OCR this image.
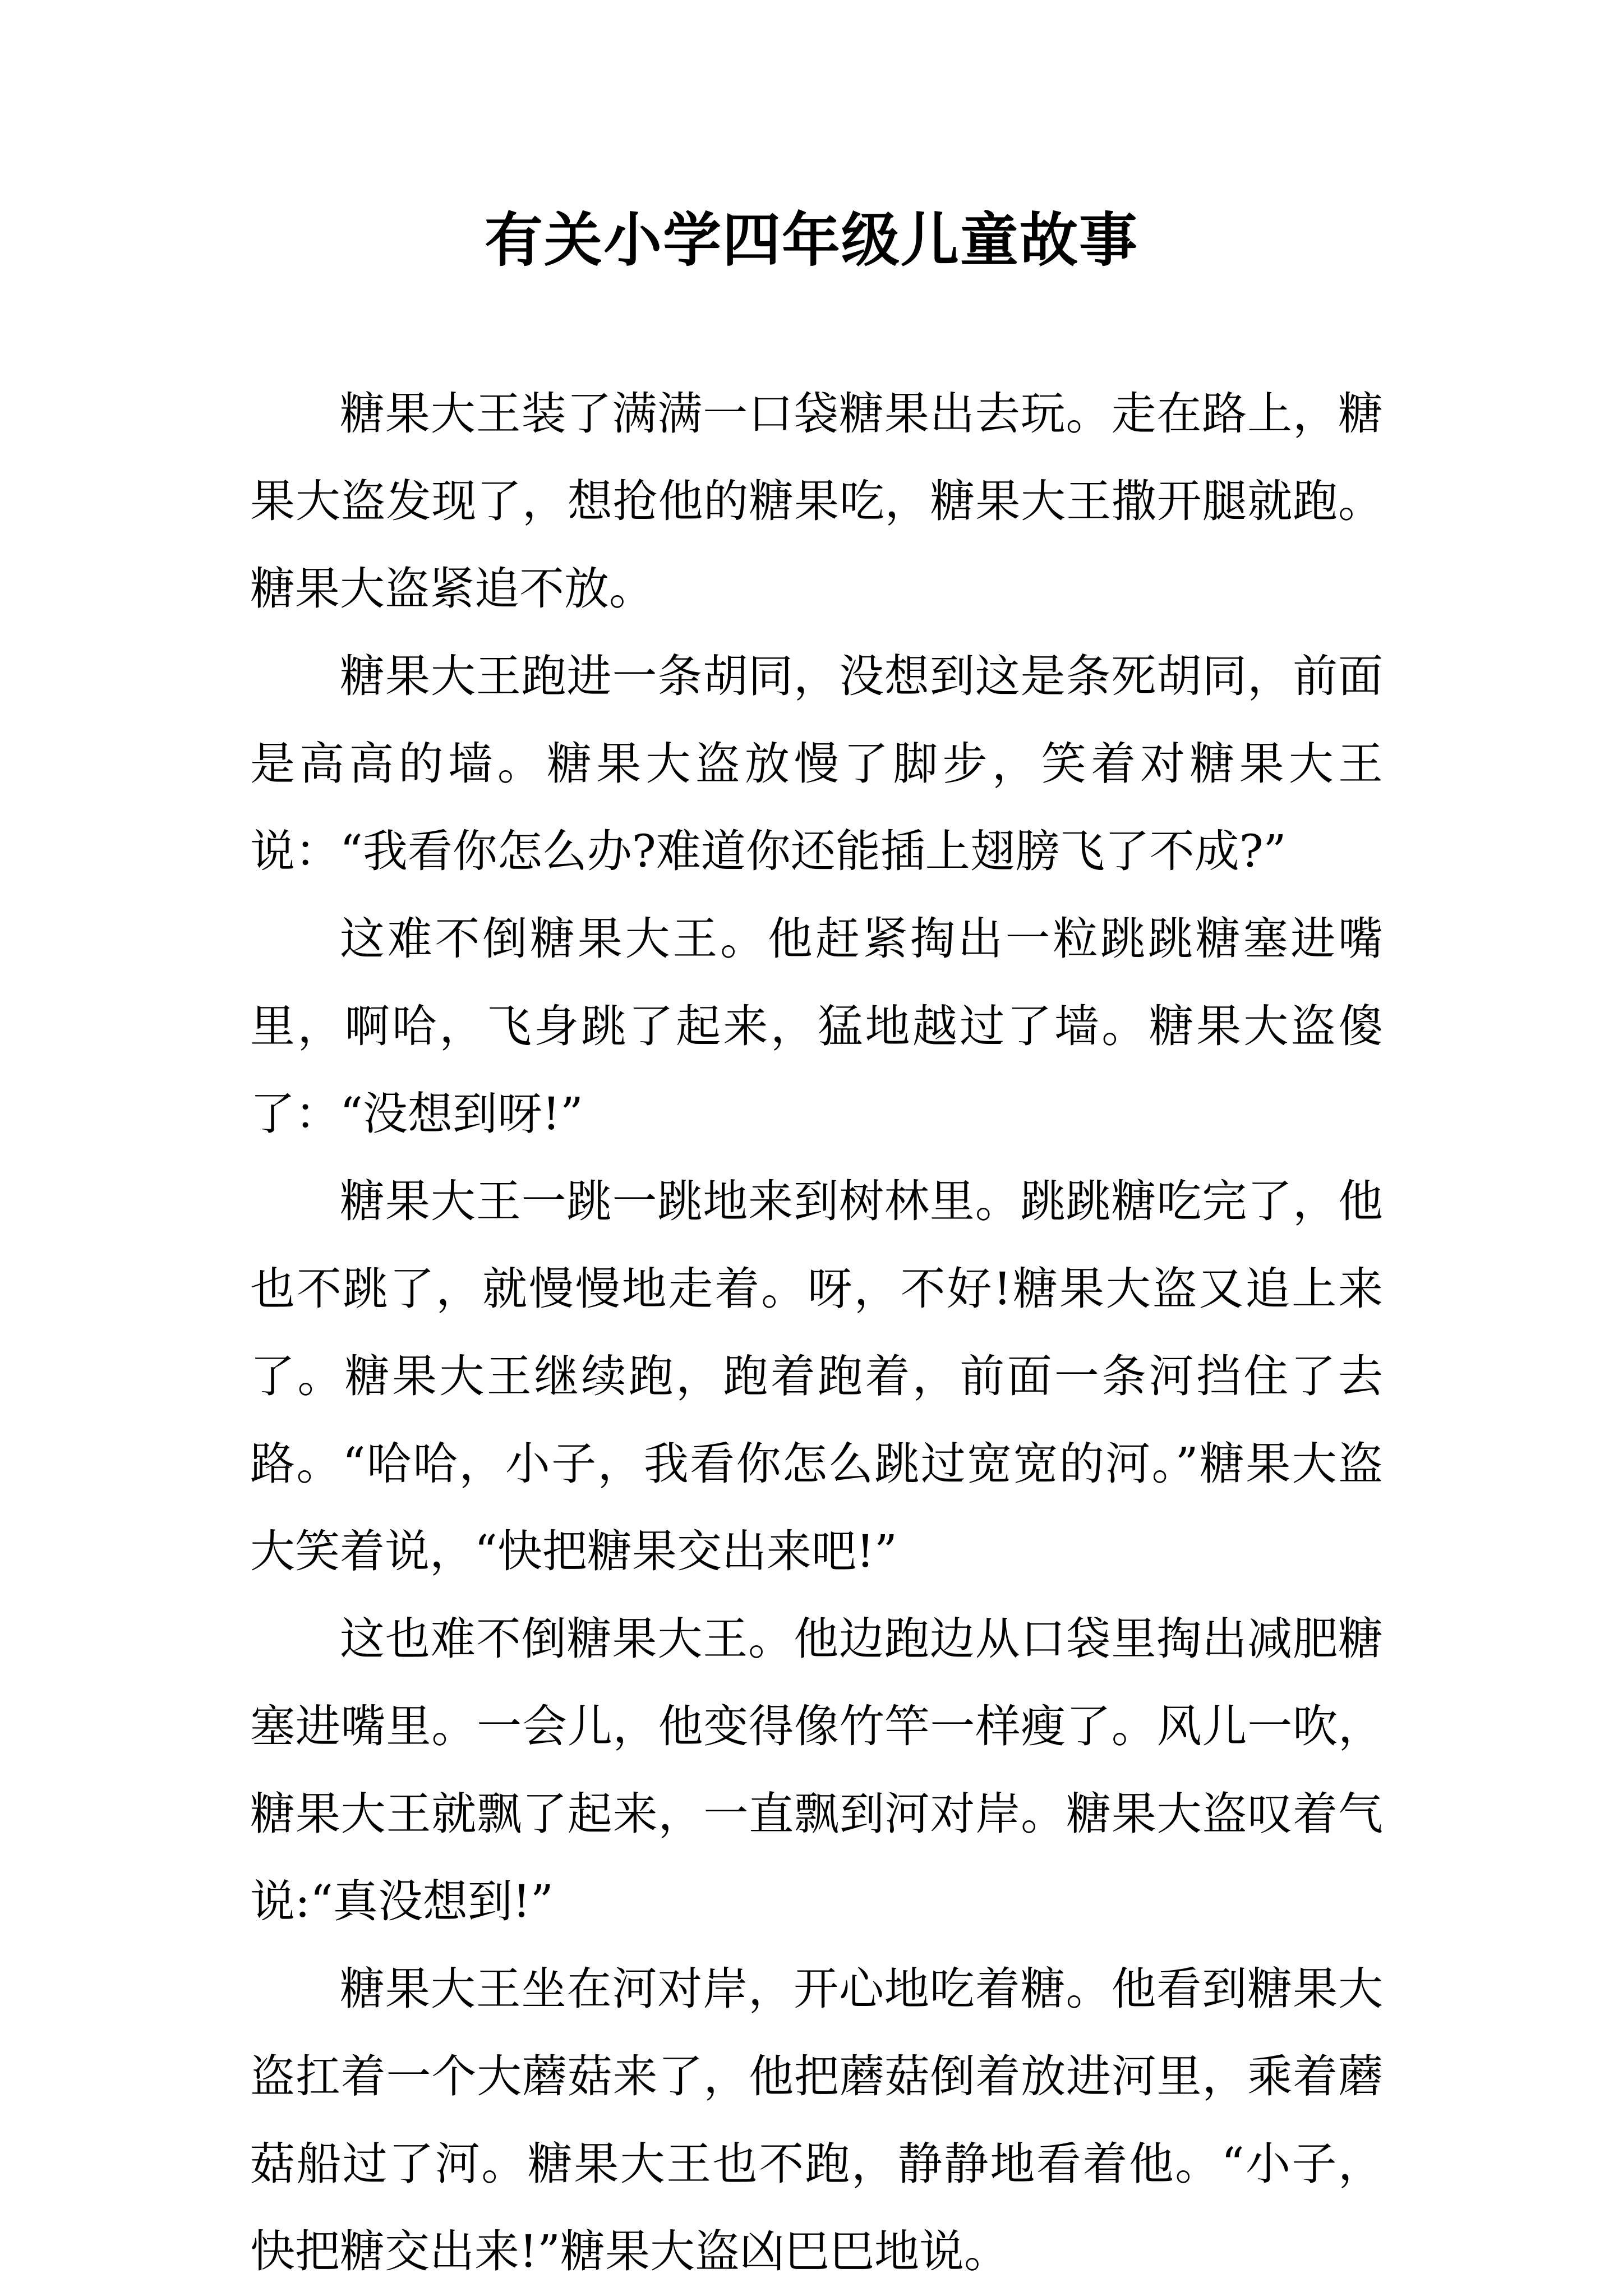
有关小学四年级儿童故事

糖果大王装了满满一口袋糖果出去玩。走在路上，糖果大盗发现了，想抢他的糖果吃，糖果大王撒开腿就跑。糖果大盗紧追不放。

糖果大王跑进一条胡同，没想到这是条死胡同，前面是高高的墙。糖果大盗放慢了脚步，笑着对糖果大王说：“我看你怎么办?难道你还能插上翅膀飞了不成?”

这难不倒糖果大王。他赶紧掏出一粒跳跳糖塞进嘴里，啊哈，飞身跳了起来，猛地越过了墙。糖果大盗傻了：“没想到呀!”

糖果大王一跳一跳地来到树林里。跳跳糖吃完了，他也不跳了，就慢慢地走着。呀，不好!糖果大盗又追上来了。糖果大王继续跑，跑着跑着，前面一条河挡住了去路。“哈哈，小子，我看你怎么跳过宽宽的河。”糖果大盗大笑着说，“快把糖果交出来吧!”

这也难不倒糖果大王。他边跑边从口袋里掏出减肥糖塞进嘴里。一会儿，他变得像竹竿一样瘦了。风儿一吹，糖果大王就飘了起来，一直飘到河对岸。糖果大盗叹着气说:“真没想到!”

糖果大王坐在河对岸，开心地吃着糖。他看到糖果大盗扛着一个大蘑菇来了，他把蘑菇倒着放进河里，乘着蘑菇船过了河。糖果大王也不跑，静静地看着他。“小子，快把糖交出来!”糖果大盗凶巴巴地说。
